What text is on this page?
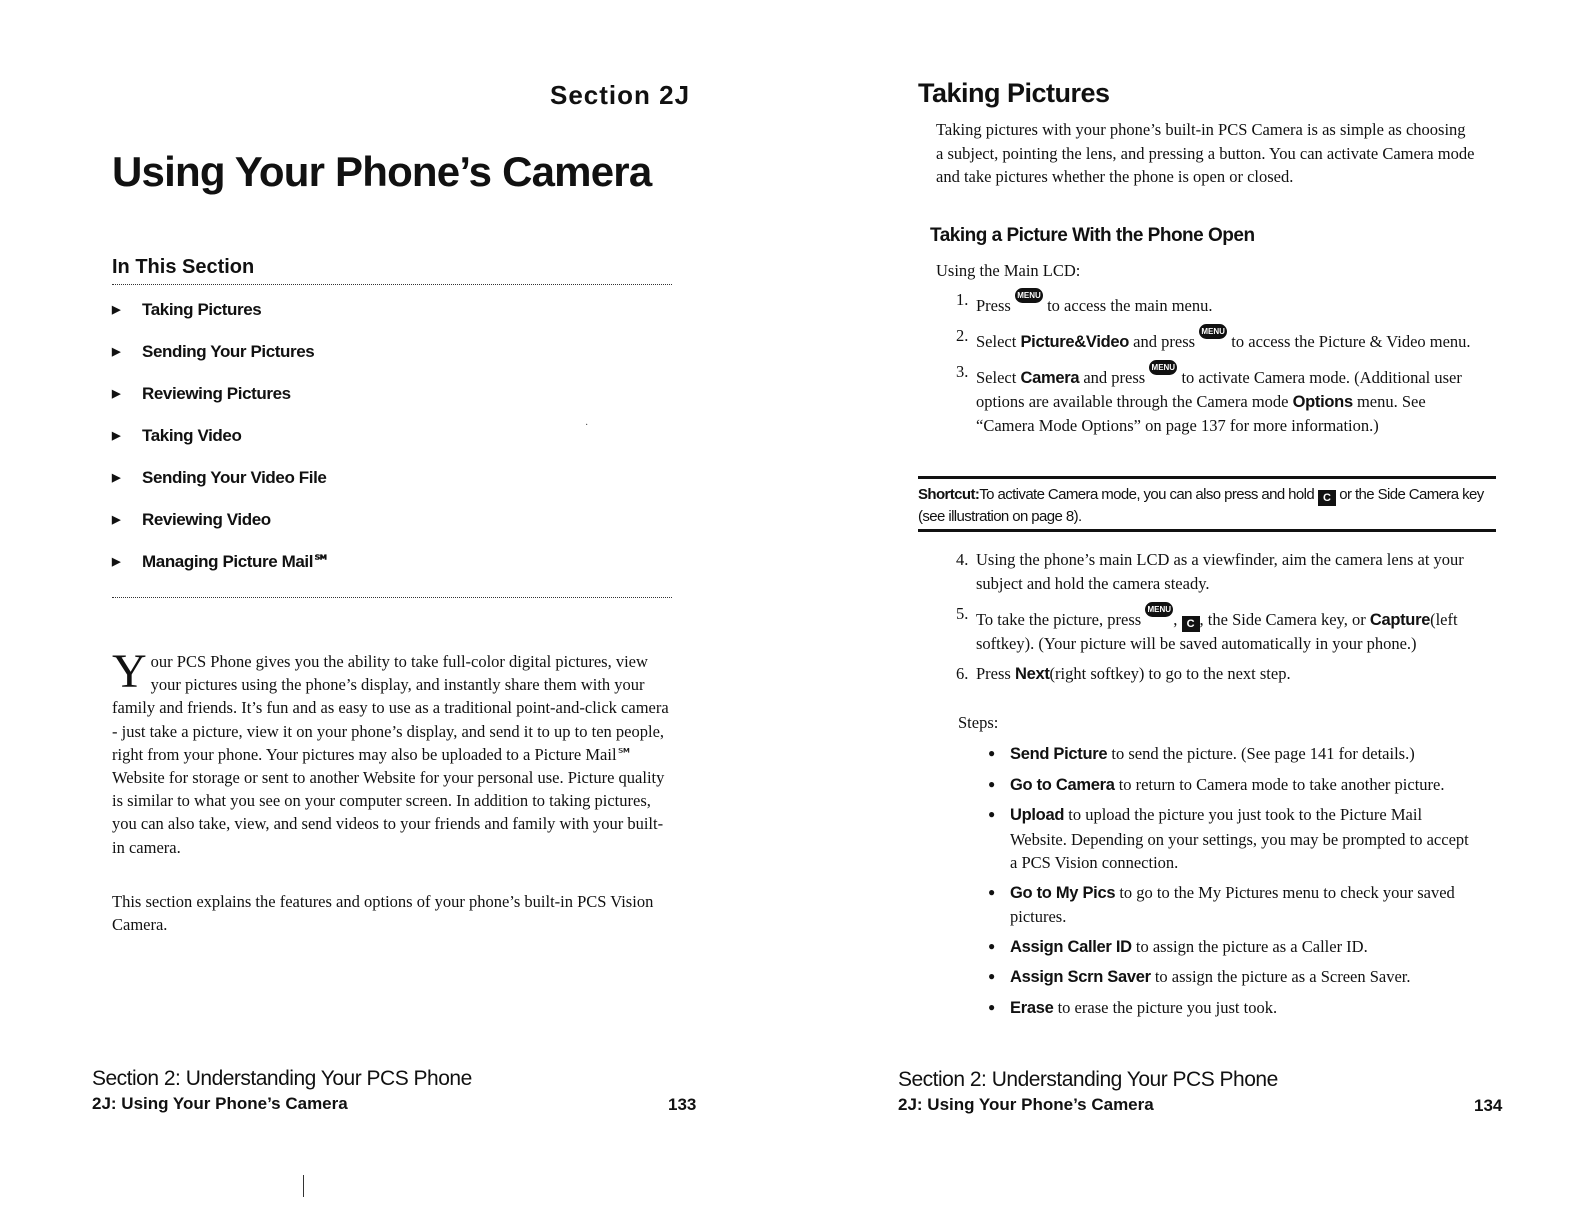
Section 2J
Using Your Phone’s Camera
In This Section
▶	Taking Pictures
▶	Sending Your Pictures
▶	Reviewing Pictures
▶	Taking Video
▶	Sending Your Video File
▶	Reviewing Video
▶	Managing Picture Mail℠

Your PCS Phone gives you the ability to take full-color digital pictures, view your pictures using the phone’s display, and instantly share them with your family and friends. It’s fun and as easy to use as a traditional point-and-click camera - just take a picture, view it on your phone’s display, and send it to up to ten people, right from your phone. Your pictures may also be uploaded to a Picture Mail℠ Website for storage or sent to another Website for your personal use. Picture quality is similar to what you see on your computer screen. In addition to taking pictures, you can also take, view, and send videos to your friends and family with your built-in camera.

This section explains the features and options of your phone’s built-in PCS Vision Camera.

Section 2: Understanding Your PCS Phone
2J: Using Your Phone’s Camera	133
·
Taking Pictures

Taking pictures with your phone’s built-in PCS Camera is as simple as choosing a subject, pointing the lens, and pressing a button. You can activate Camera mode and take pictures whether the phone is open or closed.

Taking a Picture With the Phone Open

Using the Main LCD:

1. Press MENU OK to access the main menu.
2. Select Picture&Video and press MENU OK to access the Picture & Video menu.
3. Select Camera and press MENU OK to activate Camera mode. (Additional user options are available through the Camera mode Options menu. See “Camera Mode Options” on page 137 for more information.)

Shortcut:To activate Camera mode, you can also press and hold C or the Side Camera key (see illustration on page 8).

4. Using the phone’s main LCD as a viewfinder, aim the camera lens at your subject and hold the camera steady.
5. To take the picture, press MENU OK , C , the Side Camera key, or Capture(left softkey). (Your picture will be saved automatically in your phone.)
6. Press Next(right softkey) to go to the next step.

Steps:

● Send Picture to send the picture. (See page 141 for details.)
● Go to Camera to return to Camera mode to take another picture.
● Upload to upload the picture you just took to the Picture Mail Website. Depending on your settings, you may be prompted to accept a PCS Vision connection.
● Go to My Pics to go to the My Pictures menu to check your saved pictures.
● Assign Caller ID to assign the picture as a Caller ID.
● Assign Scrn Saver to assign the picture as a Screen Saver.
● Erase to erase the picture you just took.
Section 2: Understanding Your PCS Phone
2J: Using Your Phone’s Camera	134
